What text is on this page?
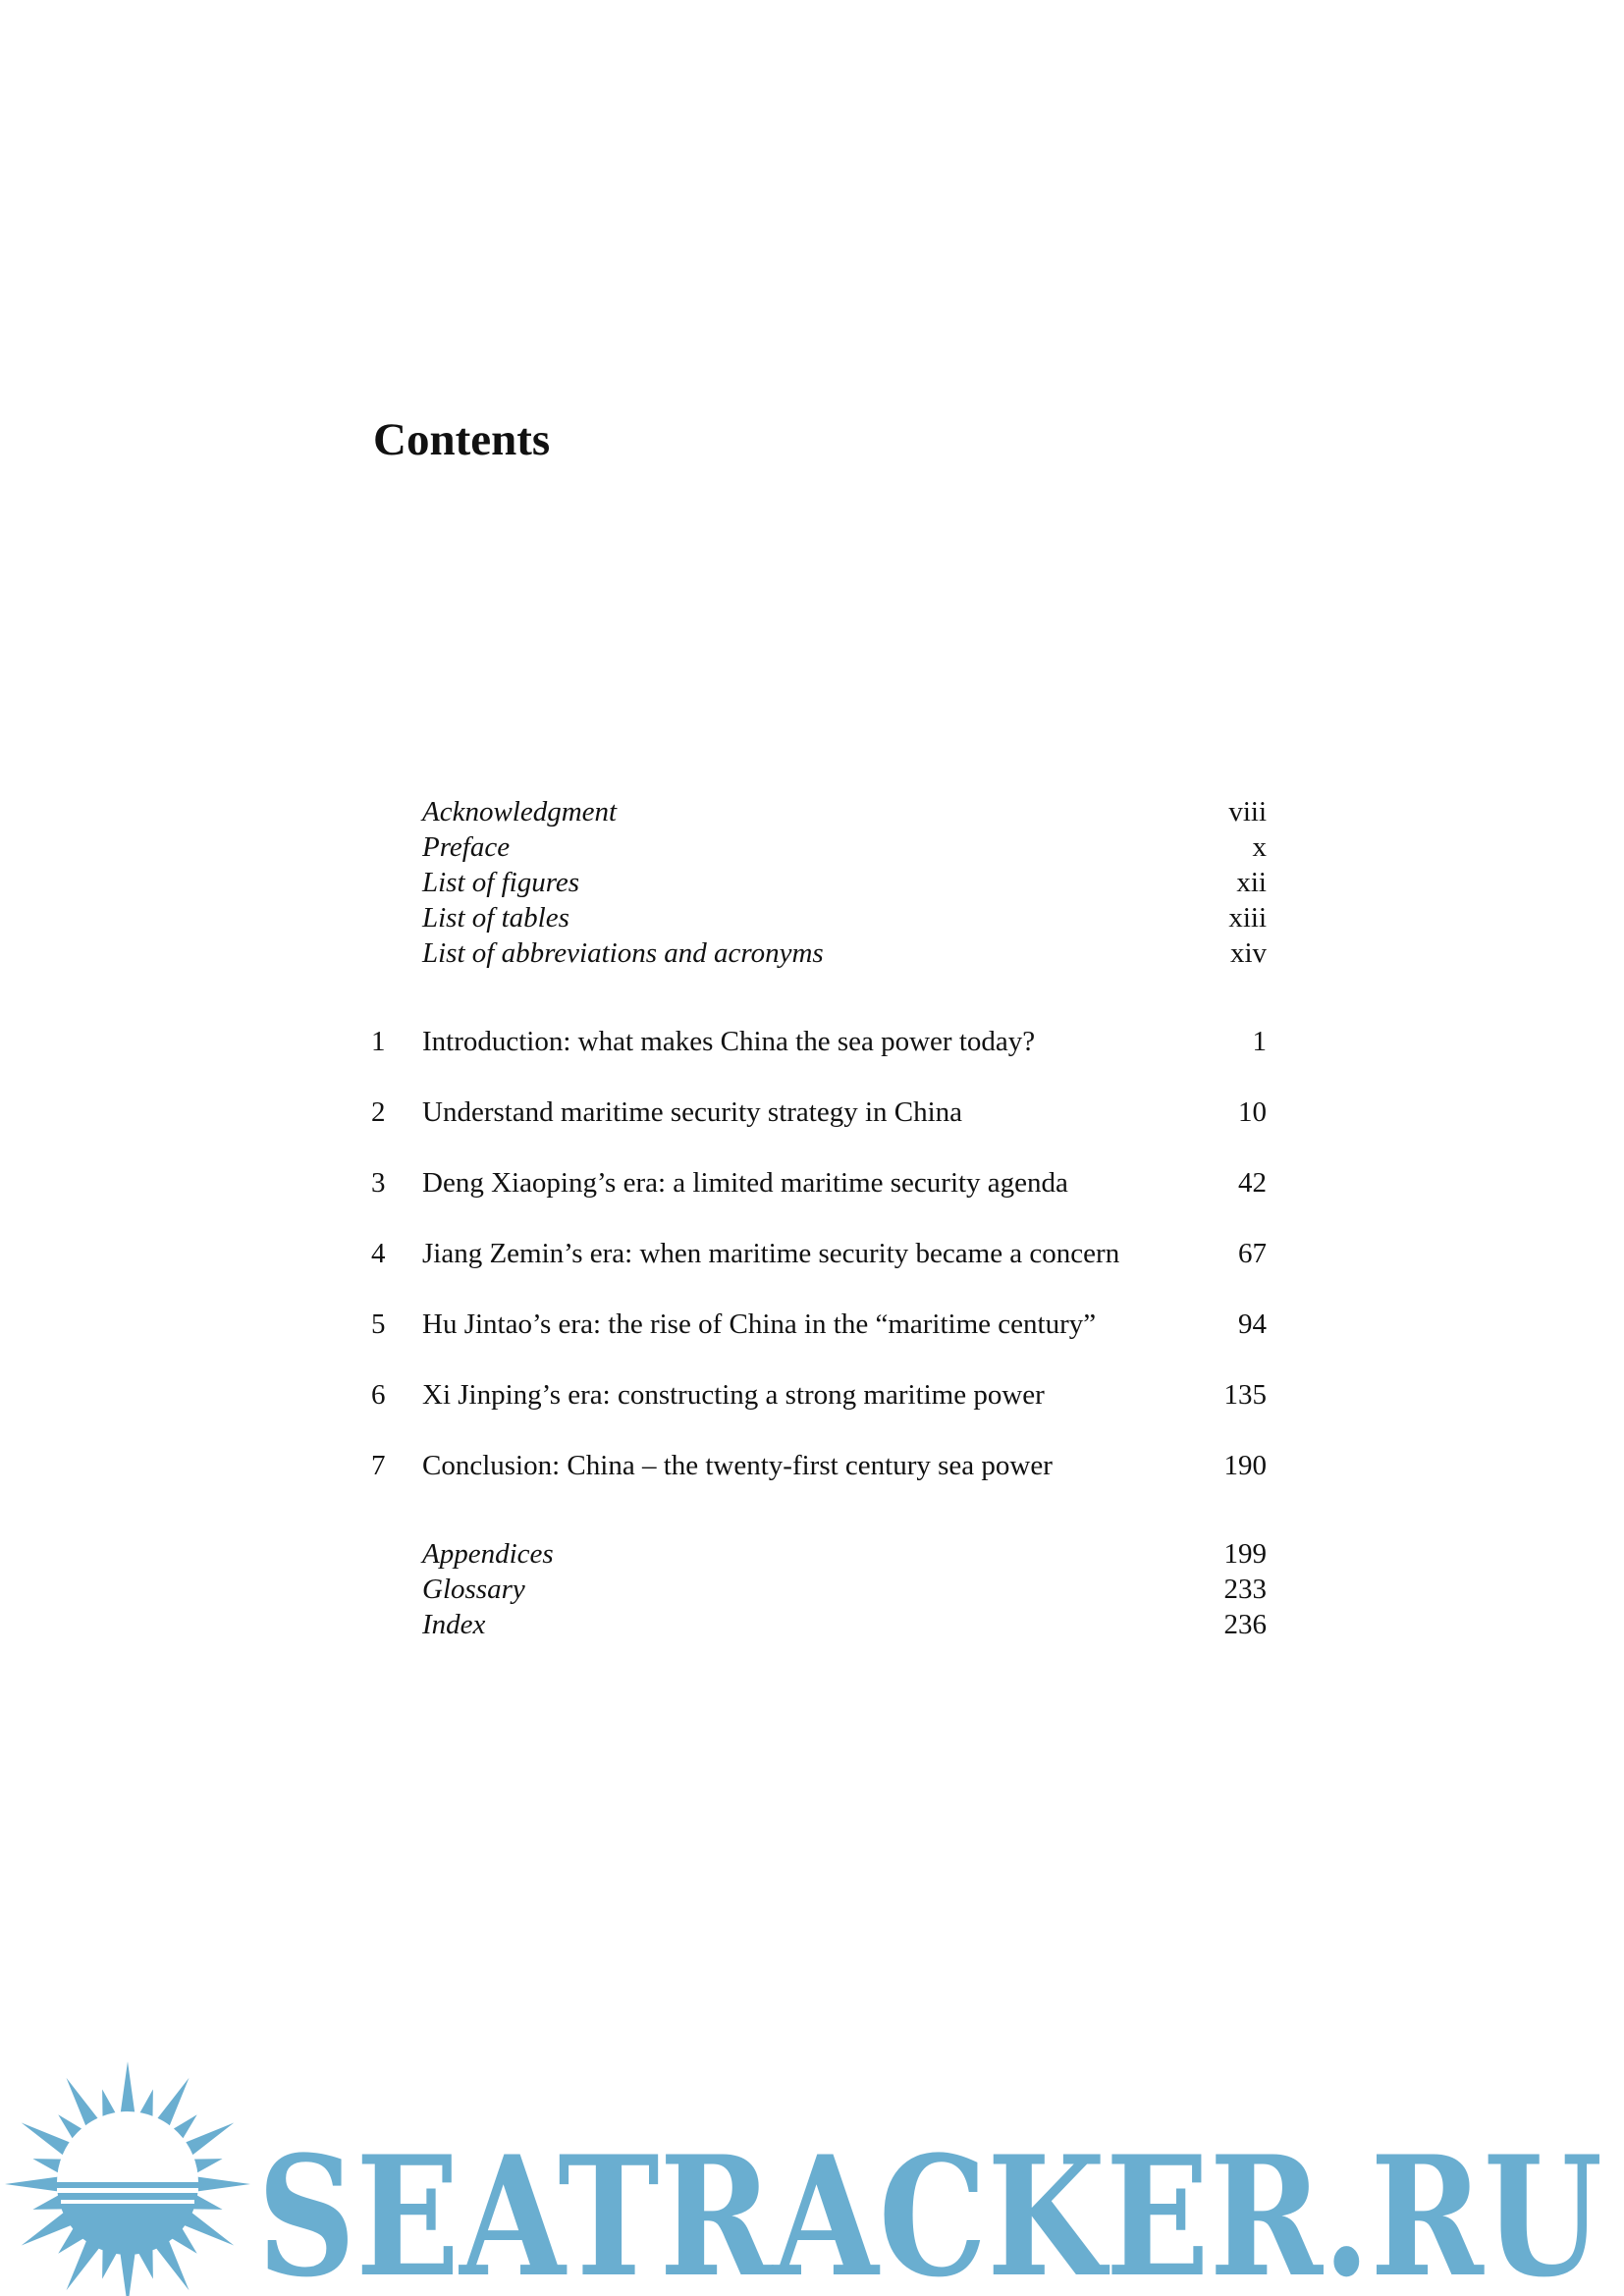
Contents
Acknowledgment	viii
Preface	x
List of figures	xii
List of tables	xiii
List of abbreviations and acronyms	xiv
1 Introduction: what makes China the sea power today?	1
2 Understand maritime security strategy in China	10
3 Deng Xiaoping’s era: a limited maritime security agenda	42
4 Jiang Zemin’s era: when maritime security became a concern	67
5 Hu Jintao’s era: the rise of China in the “maritime century”	94
6 Xi Jinping’s era: constructing a strong maritime power	135
7 Conclusion: China – the twenty-first century sea power	190
Appendices	199
Glossary	233
Index	236
SEATRACKER.RU
